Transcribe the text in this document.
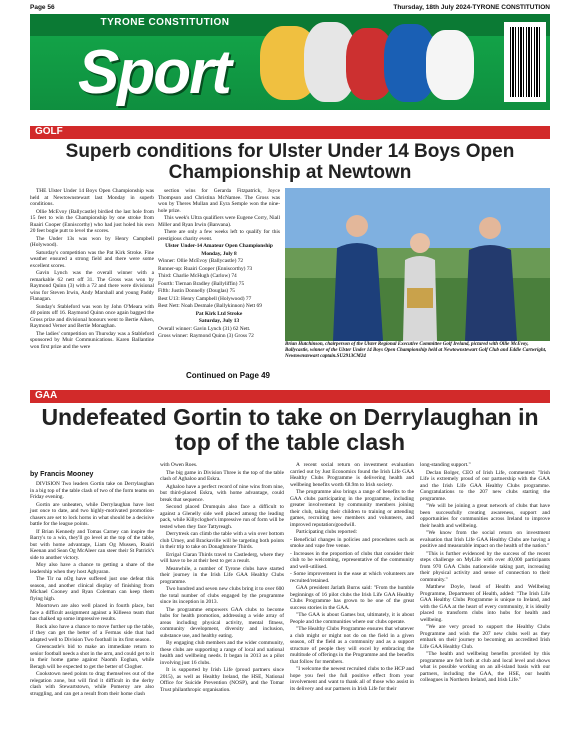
Page 56	Thursday, 18th July 2024-TYRONE CONSTITUTION
TYRONE CONSTITUTION
Sport
GOLF
Superb conditions for Ulster Under 14 Boys Open Championship at Newtown

THE Ulster Under 14 Boys Open Championship was held at Newtownstewart last Monday in superb conditions.

Ollie McEvoy (Ballycastle) birdied the last hole from 15 feet to win the Championship by one stroke from Ruairi Cooper (Enniscorthy) who had just holed his own 20 feet bogie putt to level the scores.

The Under 13s was won by Henry Campbell (Holywood).

Saturday's competition was the Pat Kirk Stroke. Fine weather ensured a strong field and there were some excellent scores.

Gavin Lynch was the overall winner with a remarkable 62 nett off 31. The Gross was won by Raymond Quinn (3) with a 72 and there were divisional wins for Steven Irwin, Andy Marshall and young Paddy Flanagan.

Sunday's Stableford was won by John O'Meara with 40 points off 16. Raymond Quinn once again bagged the Gross prize and divisional honours went to Bertie Aiken, Raymond Verner and Bertie Monaghan.

The ladies' competition on Thursday was a Stableford sponsored by Muir Communications. Karen Ballantine won first prize and the were

section wins for Gerarda Fitzpatrick, Joyce Thompson and Christina McNamee. The Gross was won by Theres Mullan and Eyra Semple won the nine-hole prize.

This week's Ultra qualifiers were Eugene Corry, Niall Miller and Ryan Irwin (Banvana).

There are only a few weeks left to qualify for this prestigious charity event.

Ulster Under-14 Amateur Open Championship

Monday, July 8

Winner: Ollie McEvoy (Ballycastle) 72

Runner-up: Ruairi Cooper (Enniscorthy) 73

Third: Charlie McHugh (Carlow) 74

Fourth: Tiernan Bradley (Ballyliffin) 75

Fifth: Justin Donnelly (Douglas) 75

Best U13: Henry Campbell (Holywood) 77

Best Nett: Noah Desmale (Ballykinnon) Nett 69

Pat Kirk Ltd Stroke

Saturday, July 13

Overall winner: Gavin Lynch (31) 62 Nett.

Gross winner: Raymond Quinn (3) Gross 72

Continued on Page 49
Brian Hutchinson, chairperson of the Ulster Regional Executive Committee Golf Ireland, pictured with Ollie McEvoy, Ballycastle, winner of the Ulster Under 14 Boys Open Championship held at Newtownstewart Golf Club and Eddie Cartwright, Newtownstewart captain.SU2913CM24
GAA
Undefeated Gortin to take on Derrylaughan in top of the table clash
by Francis Mooney

DIVISION Two leaders Gortin take on Derrylaughan in a big top of the table clash of two of the form teams on Friday evening.

Gortin are unbeaten, while Derrylaughan have lost just once to date, and two highly-motivated promotion-chasers are set to lock horns in what should be a decisive battle for the league points.

If Brian Kennedy and Tomas Carney can inspire the Barry's to a win, they'll go level at the top of the table, but with home advantage, Liam Og Mussen, Ruairi Keenan and Sean Og McAleer can steer their St Patrick's side to another victory.

Moy also have a chance to getting a share of the leadership when they host Aghyaran.

The Tir na nOg have suffered just one defeat this season, and another clinical display of finishing from Michael Cooney and Ryan Coleman can keep them flying high.

Moortown are also well placed in fourth place, but face a difficult assignment against a Killeeso team that has chalked up some impressive results.

Rock also have a chance to move further up the table, if they can get the better of a Fermas side that had adapted well to Division Two football in its first season.

Greencastle's bid to make an immediate return to senior football needs a shot in the arm, and could get to it in their home game against Naomh Eoghan, while Beragh will be expected to get the better of Clogher.

Cookstown need points to drag themselves out of the relegation zone, but will find it difficult in the derby clash with Stewartstown, while Pomeroy are also struggling, and can get a result from their home clash

with Owen Roes.

The big game in Division Three is the top of the table clash of Aghaloo and Eskra.

Aghaloo have a perfect record of nine wins from nine, but third-placed Eskra, with home advantage, could break that sequence.

Second placed Drumquin also face a difficult to against a Glenelly side well placed among the leading pack, while Killyclogher's impressive run of form will be tested when they face Tattyreagh.

Derrytresk can climb the table with a win over bottom club Urney, and Brackaville will be targeting both points in their trip to take on Donaghmore Thirds.

Errigal Ciaran Thirds travel to Castlederg, where they will have to be at their best to get a result.

Meanwhile, a number of Tyrone clubs have started their journey in the Irish Life GAA Healthy Clubs programme.

Two hundred and seven new clubs bring it to over 600 the total number of clubs engaged by the programme since its inception in 2013.

The programme empowers GAA clubs to become hubs for health promotion, addressing a wide array of areas including physical activity, mental fitness, community development, diversity and inclusion, substance use, and healthy eating.

By engaging club members and the wider community, these clubs are supporting a range of local and national health and wellbeing needs. It began in 2013 as a pilot involving just 16 clubs.

It is supported by Irish Life (proud partners since 2015), as well as Healthy Ireland, the HSE, National Office for Suicide Prevention (NOSP), and the Tomar Trust philanthropic organisation.

A recent social return on investment evaluation carried out by Just Economics found the Irish Life GAA Healthy Clubs Programme is delivering health and wellbeing benefits worth €8.9m to Irish society.

The programme also brings a range of benefits to the GAA clubs participating in the programme, including greater involvement by community members joining their club, taking their children to training or attending games, recruiting new members and volunteers, and improved reputation/goodwill.

Participating clubs reported:

- Beneficial changes in policies and procedures such as smoke and vape free venue.

- Increases in the proportion of clubs that consider their club to be welcoming, representative of the community and well-utilised.

- Some improvement in the ease at which volunteers are recruited/retained.

GAA president Jarlath Burns said: "From the humble beginnings of 16 pilot clubs the Irish Life GAA Healthy Clubs Programme has grown to be one of the great success stories in the GAA.

"The GAA is about Games but, ultimately, it is about People and the communities where our clubs operate.

"The Healthy Clubs Programme ensures that whatever a club might or might not do on the field in a given season, off the field as a community and as a support structure of people they will excel by embracing the multitude of offerings in the Programme and the benefits that follow for members.

"I welcome the newest recruited clubs to the HCP and hope you feel the full positive effect from your involvement and want to thank all of those who assist in its delivery and our partners in Irish Life for their

long-standing support."

Declan Bolger, CEO of Irish Life, commented: "Irish Life is extremely proud of our partnership with the GAA and the Irish Life GAA Healthy Clubs programme. Congratulations to the 207 new clubs starting the programme.

"We will be joining a great network of clubs that have been successfully creating awareness, support and opportunities for communities across Ireland to improve their health and wellbeing.

"We know from the social return on investment evaluation that Irish Life GAA Healthy Clubs are having a positive and measurable impact on the health of the nation."

"This is further evidenced by the success of the recent steps challenge on MyLife with over 40,000 participants from 970 GAA Clubs nationwide taking part, increasing their physical activity and sense of connection to their community."

Matthew Doyle, head of Health and Wellbeing Programme, Department of Health, added: "The Irish Life GAA Healthy Clubs Programme is unique to Ireland, and with the GAA at the heart of every community, it is ideally placed to transform clubs into hubs for health and wellbeing.

"We are very proud to support the Healthy Clubs Programme and wish the 207 new clubs well as they embark on their journey to becoming an accredited Irish Life GAA Healthy Club.

"The health and wellbeing benefits provided by this programme are felt both at club and local level and shows what is possible working on an all-island basis with our partners, including the GAA, the HSE, our health colleagues in Northern Ireland, and Irish Life."
